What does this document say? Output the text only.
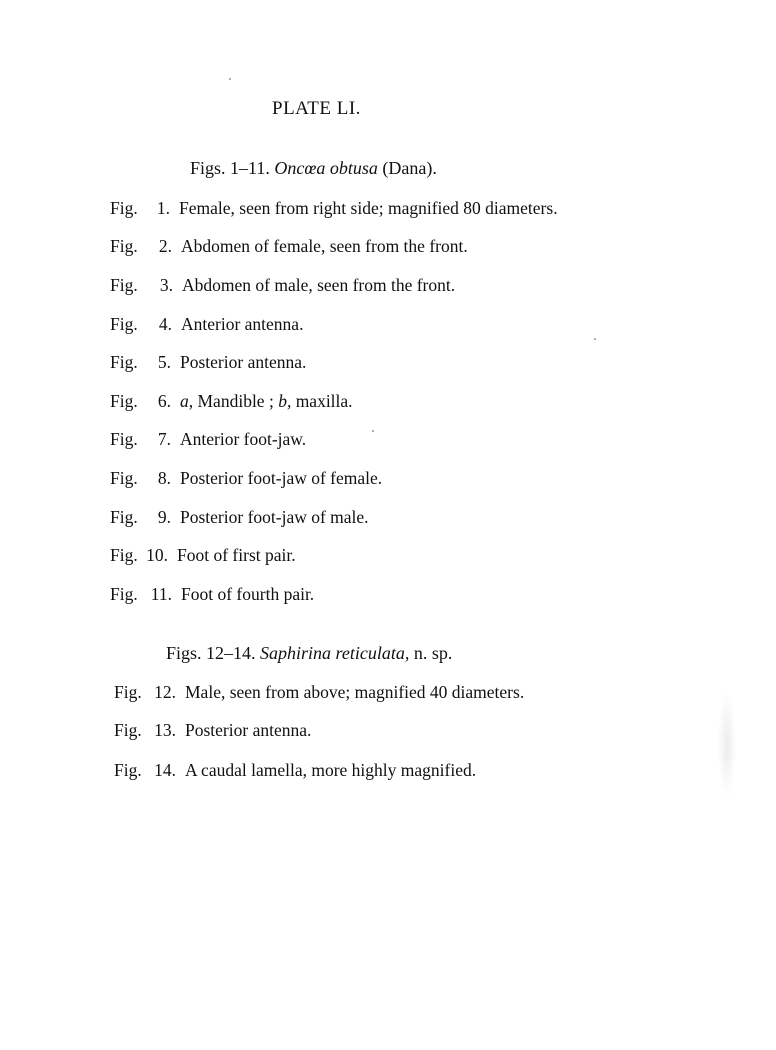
PLATE LI.
Figs. 1–11. Oncœa obtusa (Dana).
Fig.	1. Female, seen from right side; magnified 80 diameters.
Fig.	2. Abdomen of female, seen from the front.
Fig.	3. Abdomen of male, seen from the front.
Fig.	4. Anterior antenna.
Fig.	5. Posterior antenna.
Fig.	6. a, Mandible ; b, maxilla.
Fig.	7. Anterior foot-jaw.
Fig.	8. Posterior foot-jaw of female.
Fig.	9. Posterior foot-jaw of male.
Fig. 10. Foot of first pair.
Fig. 11. Foot of fourth pair.
Figs. 12–14. Saphirina reticulata, n. sp.
Fig. 12. Male, seen from above; magnified 40 diameters.
Fig. 13. Posterior antenna.
Fig. 14. A caudal lamella, more highly magnified.
